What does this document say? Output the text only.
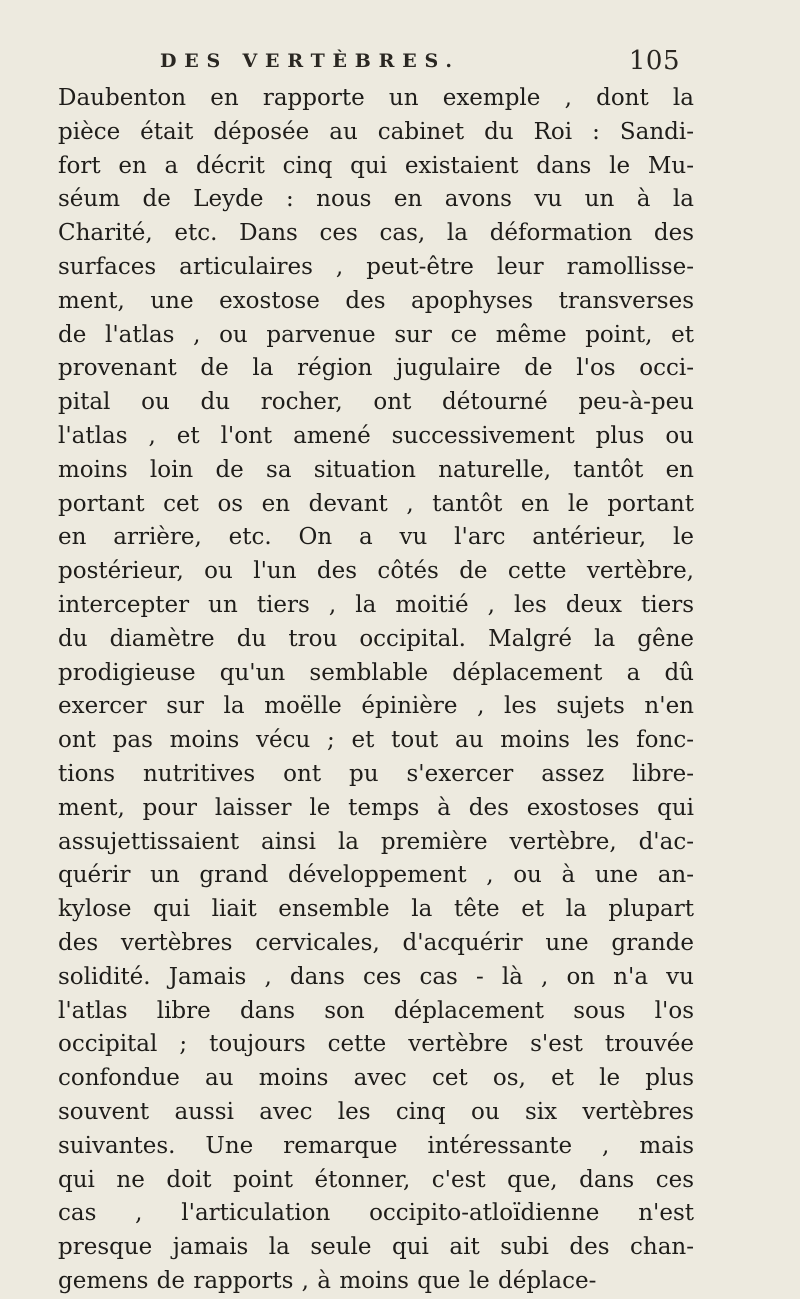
DES VERTÈBRES.	105
Daubenton en rapporte un exemple , dont la
pièce était déposée au cabinet du Roi : Sandi-
fort en a décrit cinq qui existaient dans le Mu-
séum de Leyde : nous en avons vu un à la
Charité, etc. Dans ces cas, la déformation des
surfaces articulaires , peut-être leur ramollisse-
ment, une exostose des apophyses transverses
de l'atlas , ou parvenue sur ce même point, et
provenant de la région jugulaire de l'os occi-
pital ou du rocher, ont détourné peu-à-peu
l'atlas , et l'ont amené successivement plus ou
moins loin de sa situation naturelle, tantôt en
portant cet os en devant , tantôt en le portant
en arrière, etc. On a vu l'arc antérieur, le
postérieur, ou l'un des côtés de cette vertèbre,
intercepter un tiers , la moitié , les deux tiers
du diamètre du trou occipital. Malgré la gêne
prodigieuse qu'un semblable déplacement a dû
exercer sur la moëlle épinière , les sujets n'en
ont pas moins vécu ; et tout au moins les fonc-
tions nutritives ont pu s'exercer assez libre-
ment, pour laisser le temps à des exostoses qui
assujettissaient ainsi la première vertèbre, d'ac-
quérir un grand développement , ou à une an-
kylose qui liait ensemble la tête et la plupart
des vertèbres cervicales, d'acquérir une grande
solidité. Jamais , dans ces cas - là , on n'a vu
l'atlas libre dans son déplacement sous l'os
occipital ; toujours cette vertèbre s'est trouvée
confondue au moins avec cet os, et le plus
souvent aussi avec les cinq ou six vertèbres
suivantes. Une remarque intéressante , mais
qui ne doit point étonner, c'est que, dans ces
cas , l'articulation occipito-atloïdienne n'est
presque jamais la seule qui ait subi des chan-
gemens de rapports , à moins que le déplace-
